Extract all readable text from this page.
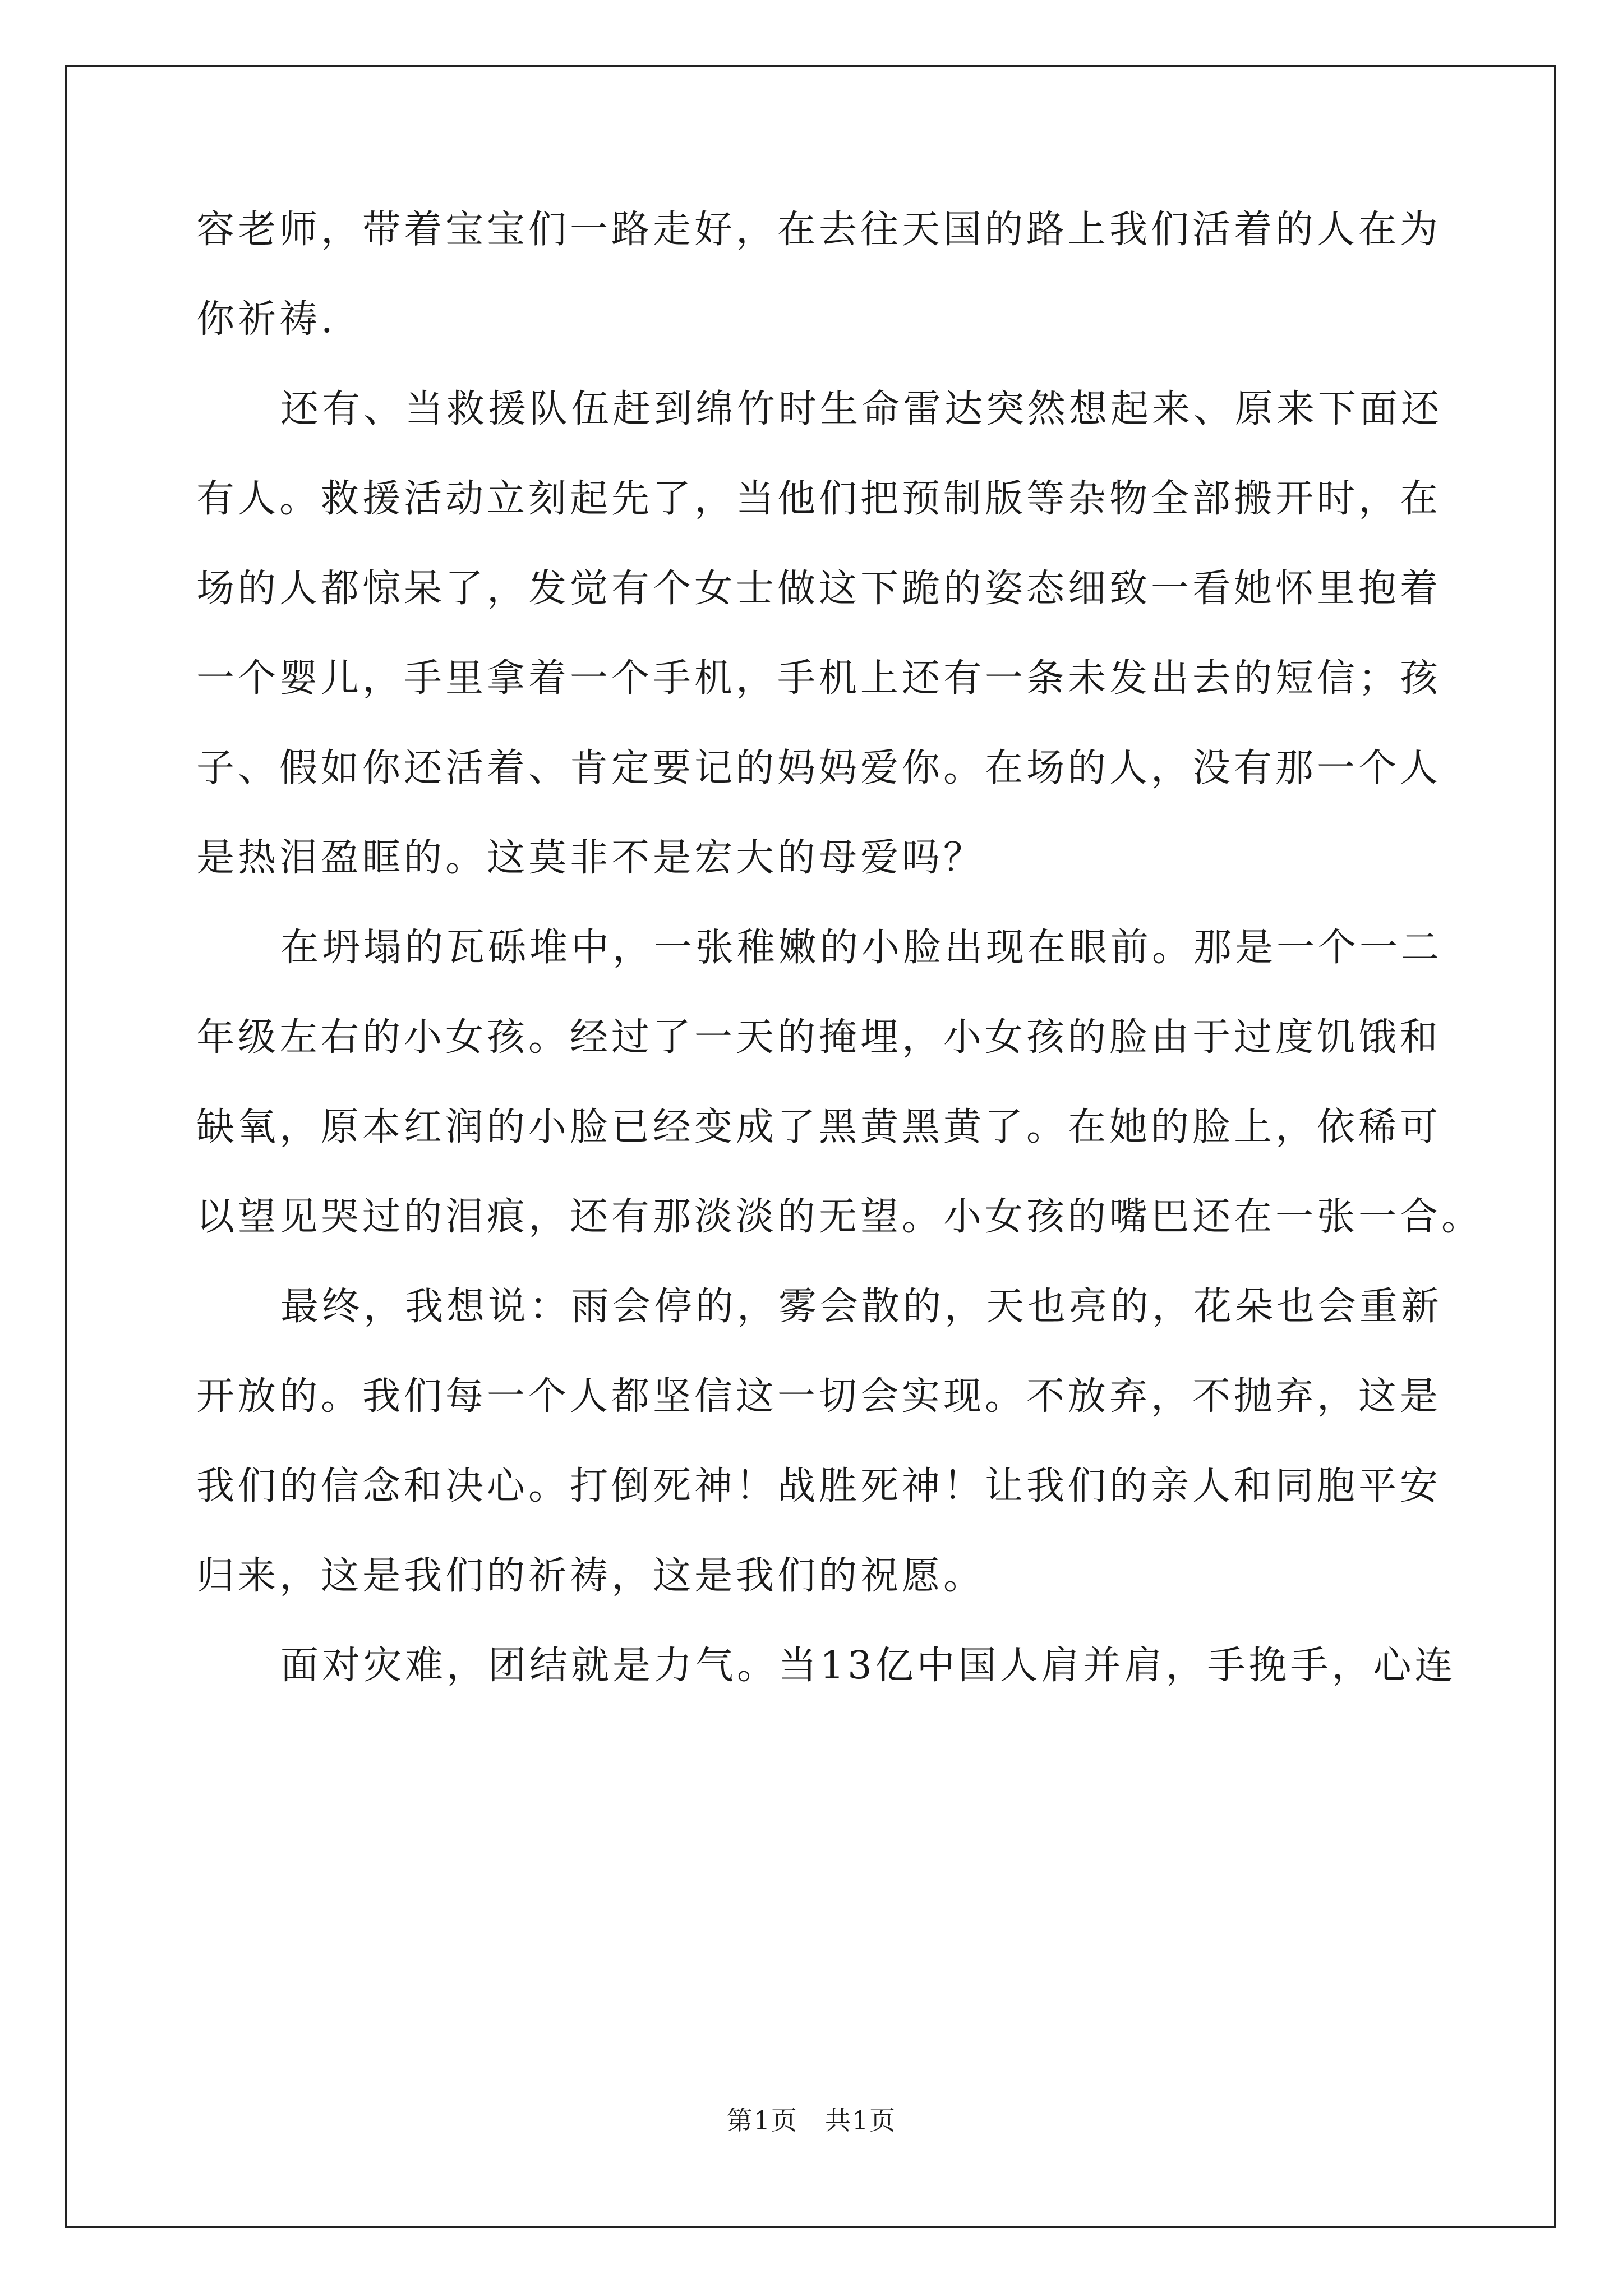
容老师，带着宝宝们一路走好，在去往天国的路上我们活着的人在为
你祈祷.
还有、当救援队伍赶到绵竹时生命雷达突然想起来、原来下面还
有人。救援活动立刻起先了，当他们把预制版等杂物全部搬开时，在
场的人都惊呆了，发觉有个女士做这下跪的姿态细致一看她怀里抱着
一个婴儿，手里拿着一个手机，手机上还有一条未发出去的短信；孩
子、假如你还活着、肯定要记的妈妈爱你。在场的人，没有那一个人
是热泪盈眶的。这莫非不是宏大的母爱吗？
在坍塌的瓦砾堆中，一张稚嫩的小脸出现在眼前。那是一个一二
年级左右的小女孩。经过了一天的掩埋，小女孩的脸由于过度饥饿和
缺氧，原本红润的小脸已经变成了黑黄黑黄了。在她的脸上，依稀可
以望见哭过的泪痕，还有那淡淡的无望。小女孩的嘴巴还在一张一合。
最终，我想说：雨会停的，雾会散的，天也亮的，花朵也会重新
开放的。我们每一个人都坚信这一切会实现。不放弃，不抛弃，这是
我们的信念和决心。打倒死神！战胜死神！让我们的亲人和同胞平安
归来，这是我们的祈祷，这是我们的祝愿。
面对灾难，团结就是力气。当13亿中国人肩并肩，手挽手，心连
第1页 共1页
